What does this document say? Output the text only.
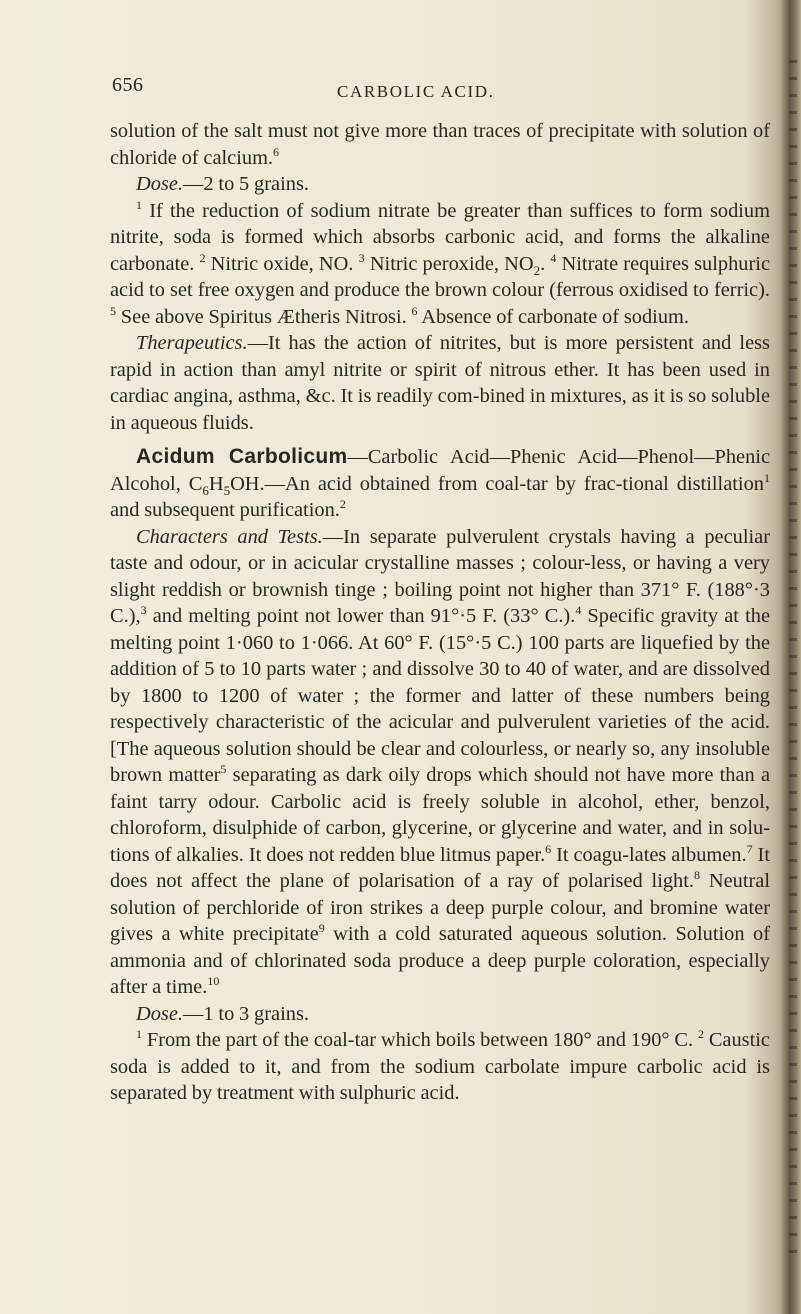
656	CARBOLIC ACID.

solution of the salt must not give more than traces of precipitate with solution of chloride of calcium.$^6$

Dose.—2 to 5 grains.

$^1$ If the reduction of sodium nitrate be greater than suffices to form sodium nitrite, soda is formed which absorbs carbonic acid, and forms the alkaline carbonate. $^2$ Nitric oxide, NO. $^3$ Nitric peroxide, $NO_2$. $^4$ Nitrate requires sulphuric acid to set free oxygen and produce the brown colour (ferrous oxidised to ferric). $^5$ See above Spiritus Ætheris Nitrosi. $^6$ Absence of carbonate of sodium.

Therapeutics.—It has the action of nitrites, but is more persistent and less rapid in action than amyl nitrite or spirit of nitrous ether. It has been used in cardiac angina, asthma, &c. It is readily com-bined in mixtures, as it is so soluble in aqueous fluids.

Acidum Carbolicum—Carbolic Acid—Phenic Acid—Phenol—Phenic Alcohol, $C_6H_5OH.—An$ acid obtained from coal-tar by frac-tional distillation$^1$ and subsequent purification.$^2$

Characters and Tests.—In separate pulverulent crystals having a peculiar taste and odour, or in acicular crystalline masses ; colour-less, or having a very slight reddish or brownish tinge ; boiling point not higher than 371° F. (188°·3 C.),$^3$ and melting point not lower than 91°·5 F. (33° C.).$^4$ Specific gravity at the melting point 1·060 to 1·066. At 60° F. (15°·5 C.) 100 parts are liquefied by the addition of 5 to 10 parts water ; and dissolve 30 to 40 of water, and are dissolved by 1800 to 1200 of water ; the former and latter of these numbers being respectively characteristic of the acicular and pulverulent varieties of the acid. [The aqueous solution should be clear and colourless, or nearly so, any insoluble brown matter$^5$ separating as dark oily drops which should not have more than a faint tarry odour. Carbolic acid is freely soluble in alcohol, ether, benzol, chloroform, disulphide of carbon, glycerine, or glycerine and water, and in solu-tions of alkalies. It does not redden blue litmus paper.$^6$ It coagu-lates albumen.$^7$ It does not affect the plane of polarisation of a ray of polarised light.$^8$ Neutral solution of perchloride of iron strikes a deep purple colour, and bromine water gives a white precipitate$^9$ with a cold saturated aqueous solution. Solution of ammonia and of chlorinated soda produce a deep purple coloration, especially after a time.$^{10}$

Dose.—1 to 3 grains.

$^1$ From the part of the coal-tar which boils between 180° and 190° C. $^2$ Caustic soda is added to it, and from the sodium carbolate impure carbolic acid is separated by treatment with sulphuric acid.
